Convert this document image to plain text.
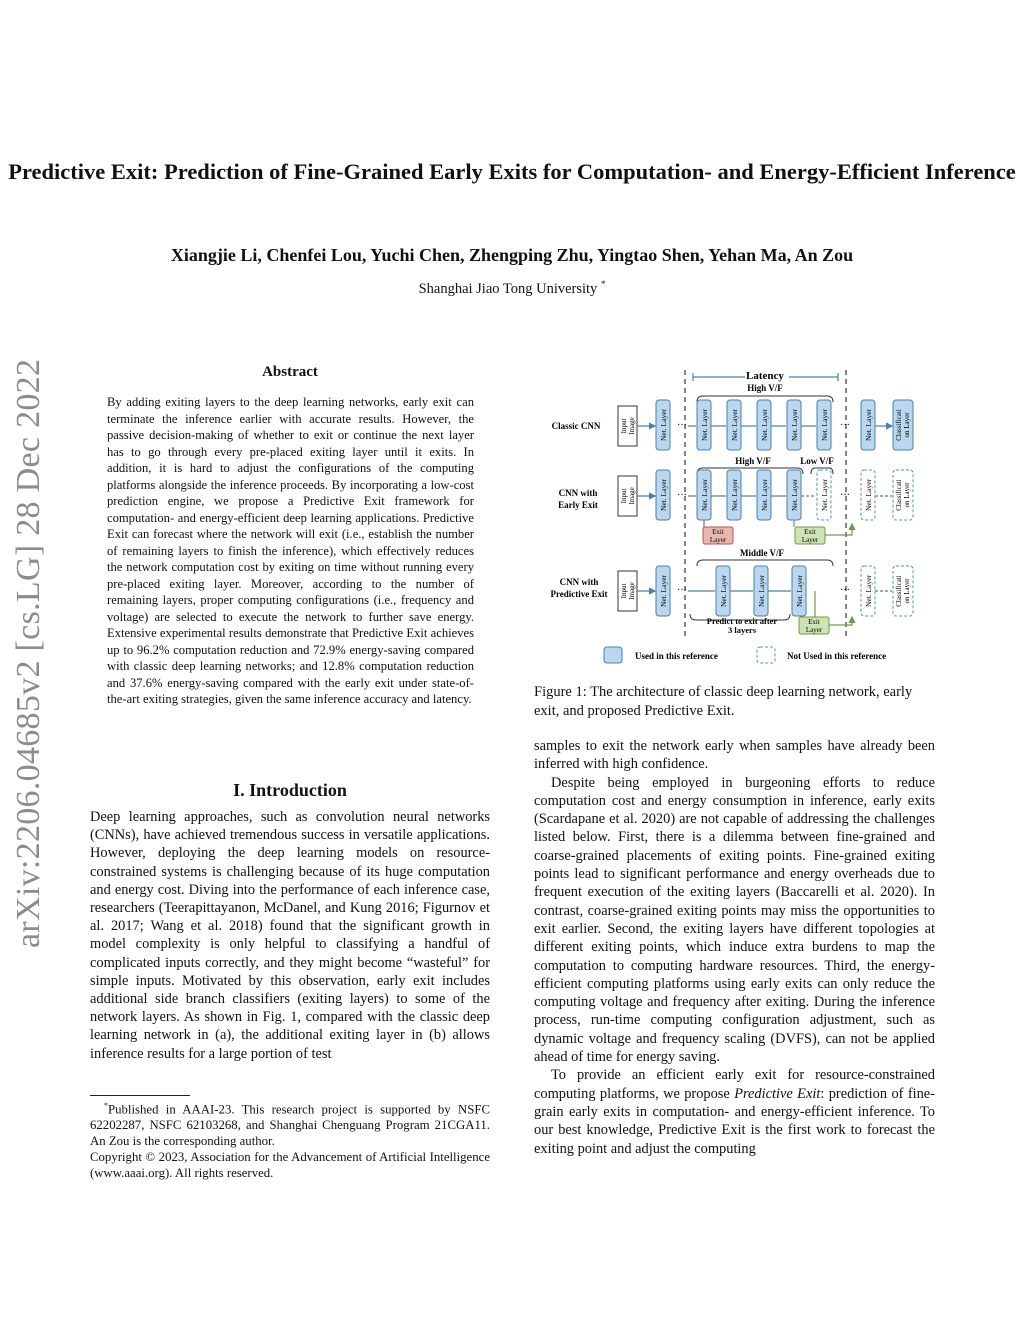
Predictive Exit: Prediction of Fine-Grained Early Exits for Computation- and Energy-Efficient Inference
Xiangjie Li, Chenfei Lou, Yuchi Chen, Zhengping Zhu, Yingtao Shen, Yehan Ma, An Zou
Shanghai Jiao Tong University *
arXiv:2206.04685v2 [cs.LG] 28 Dec 2022	Abstract
By adding exiting layers to the deep learning networks, early exit can terminate the inference earlier with accurate results. However, the passive decision-making of whether to exit or continue the next layer has to go through every pre-placed exiting layer until it exits. In addition, it is hard to adjust the configurations of the computing platforms alongside the inference proceeds. By incorporating a low-cost prediction engine, we propose a Predictive Exit framework for computation- and energy-efficient deep learning applications. Predictive Exit can forecast where the network will exit (i.e., establish the number of remaining layers to finish the inference), which effectively reduces the network computation cost by exiting on time without running every pre-placed exiting layer. Moreover, according to the number of remaining layers, proper computing configurations (i.e., frequency and voltage) are selected to execute the network to further save energy. Extensive experimental results demonstrate that Predictive Exit achieves up to 96.2% computation reduction and 72.9% energy-saving compared with classic deep learning networks; and 12.8% computation reduction and 37.6% energy-saving compared with the early exit under state-of-the-art exiting strategies, given the same inference accuracy and latency.
I. Introduction
Deep learning approaches, such as convolution neural networks (CNNs), have achieved tremendous success in versatile applications. However, deploying the deep learning models on resource-constrained systems is challenging because of its huge computation and energy cost. Diving into the performance of each inference case, researchers (Teerapittayanon, McDanel, and Kung 2016; Figurnov et al. 2017; Wang et al. 2018) found that the significant growth in model complexity is only helpful to classifying a handful of complicated inputs correctly, and they might become “wasteful” for simple inputs. Motivated by this observation, early exit includes additional side branch classifiers (exiting layers) to some of the network layers. As shown in Fig. 1, compared with the classic deep learning network in (a), the additional exiting layer in (b) allows inference results for a large portion of test

*Published in AAAI-23. This research project is supported by NSFC 62202287, NSFC 62103268, and Shanghai Chenguang Program 21CGA11. An Zou is the corresponding author.

Copyright © 2023, Association for the Advancement of Artificial Intelligence (www.aaai.org). All rights reserved.

Latency
High V/F
Classic CNN
CNN with
Early Exit
CNN with
Predictive Exit
Input Image	Net. Layer ··· Net. Layer	Net. Layer	Net. Layer	Net. Layer	Net. Layer ··· Net. Layer	Classificati on Layer
High V/F	Low V/F
Input Image	Net. Layer ··· Net. Layer	Net. Layer	Net. Layer	Net. Layer	Net. Layer ··· Net. Layer	Classificati on Layer
Exit
Layer
Exit
Layer
Middle V/F
Input Image	Net. Layer ···	Net. Layer	Net. Layer	Net. Layer	··· Net. Layer	Classificati on Layer
Predict to exit after
3 layers
Exit
Layer
Used in this reference	Not Used in this reference
Figure 1: The architecture of classic deep learning network, early exit, and proposed Predictive Exit.

samples to exit the network early when samples have already been inferred with high confidence.

Despite being employed in burgeoning efforts to reduce computation cost and energy consumption in inference, early exits (Scardapane et al. 2020) are not capable of addressing the challenges listed below. First, there is a dilemma between fine-grained and coarse-grained placements of exiting points. Fine-grained exiting points lead to significant performance and energy overheads due to frequent execution of the exiting layers (Baccarelli et al. 2020). In contrast, coarse-grained exiting points may miss the opportunities to exit earlier. Second, the exiting layers have different topologies at different exiting points, which induce extra burdens to map the computation to computing hardware resources. Third, the energy-efficient computing platforms using early exits can only reduce the computing voltage and frequency after exiting. During the inference process, run-time computing configuration adjustment, such as dynamic voltage and frequency scaling (DVFS), can not be applied ahead of time for energy saving.

To provide an efficient early exit for resource-constrained computing platforms, we propose Predictive Exit: prediction of fine-grain early exits in computation- and energy-efficient inference. To our best knowledge, Predictive Exit is the first work to forecast the exiting point and adjust the computing
